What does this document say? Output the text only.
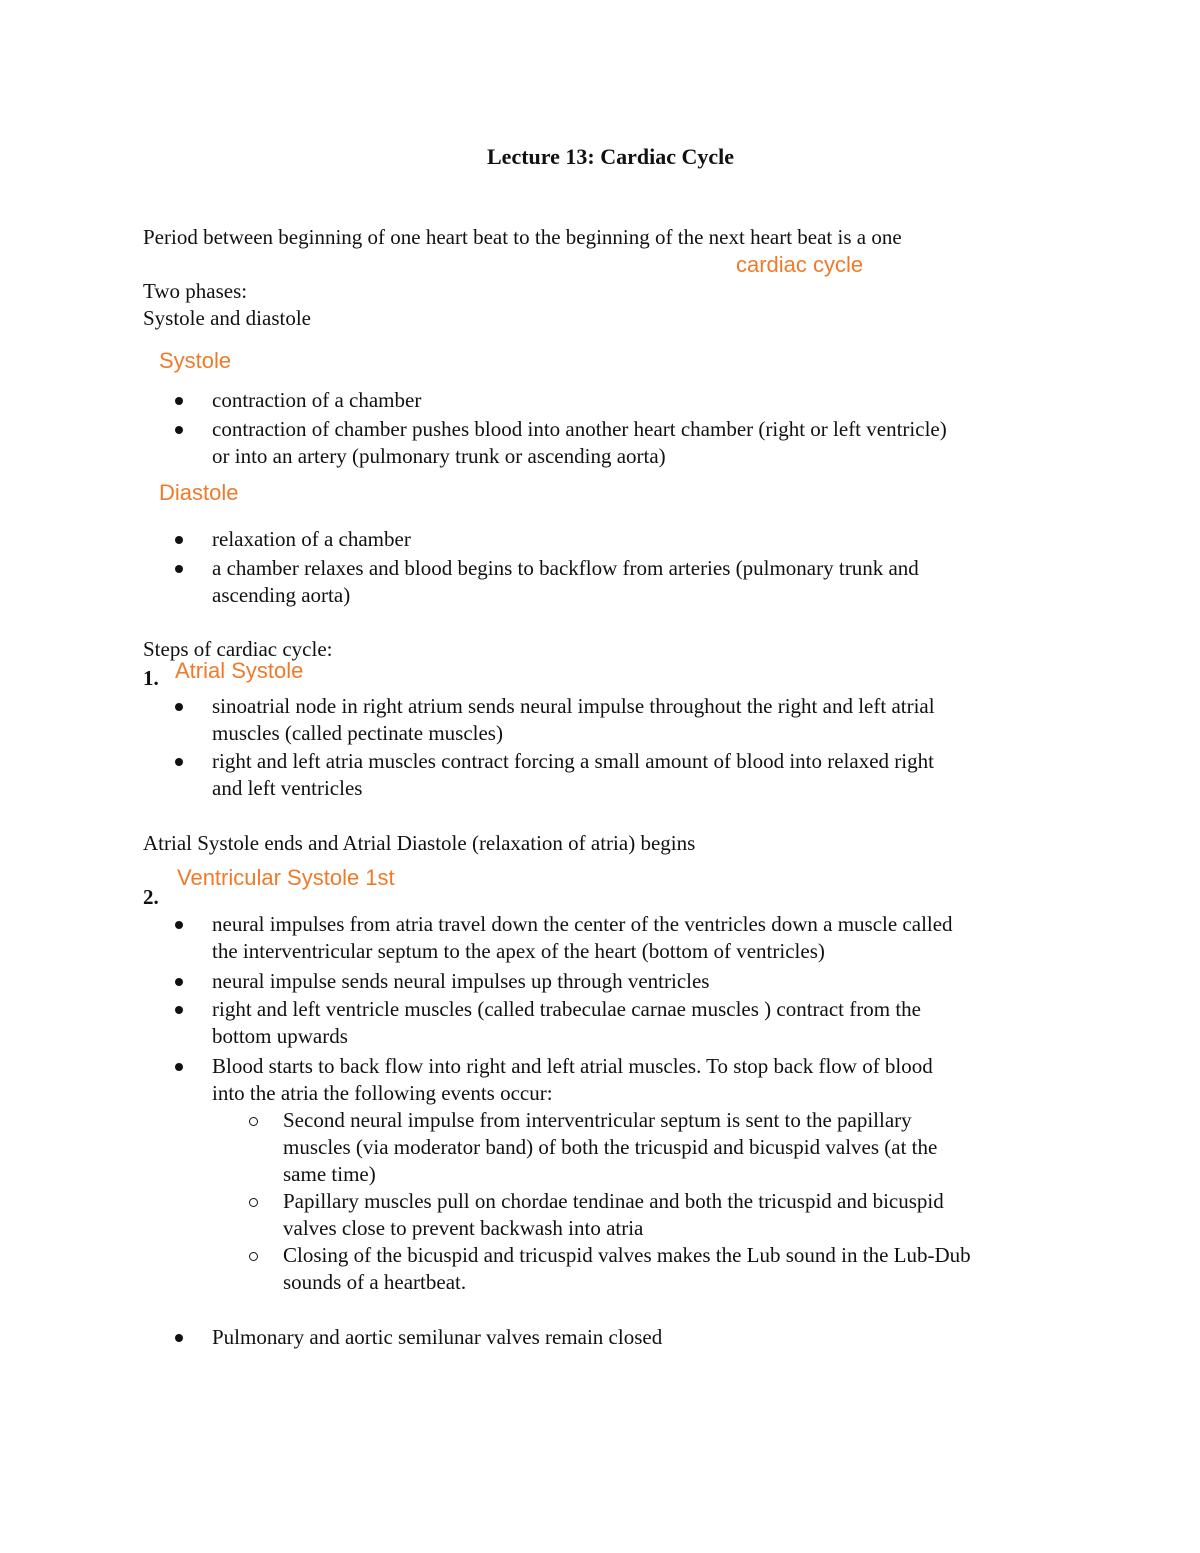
Lecture 13: Cardiac Cycle
Period between beginning of one heart beat to the beginning of the next heart beat is a one
cardiac cycle
Two phases:
Systole and diastole
Systole
contraction of a chamber
contraction of chamber pushes blood into another heart chamber (right or left ventricle)
or into an artery (pulmonary trunk or ascending aorta)
Diastole
relaxation of a chamber
a chamber relaxes and blood begins to backflow from arteries (pulmonary trunk and
ascending aorta)
Steps of cardiac cycle:
1. Atrial Systole
sinoatrial node in right atrium sends neural impulse throughout the right and left atrial
muscles (called pectinate muscles)
right and left atria muscles contract forcing a small amount of blood into relaxed right
and left ventricles
Atrial Systole ends and Atrial Diastole (relaxation of atria) begins
Ventricular Systole 1st
2.
neural impulses from atria travel down the center of the ventricles down a muscle called
the interventricular septum to the apex of the heart (bottom of ventricles)
neural impulse sends neural impulses up through ventricles
right and left ventricle muscles (called trabeculae carnae muscles ) contract from the
bottom upwards
Blood starts to back flow into right and left atrial muscles. To stop back flow of blood
into the atria the following events occur:
Second neural impulse from interventricular septum is sent to the papillary
muscles (via moderator band) of both the tricuspid and bicuspid valves (at the
same time)
Papillary muscles pull on chordae tendinae and both the tricuspid and bicuspid
valves close to prevent backwash into atria
Closing of the bicuspid and tricuspid valves makes the Lub sound in the Lub-Dub
sounds of a heartbeat.
Pulmonary and aortic semilunar valves remain closed
